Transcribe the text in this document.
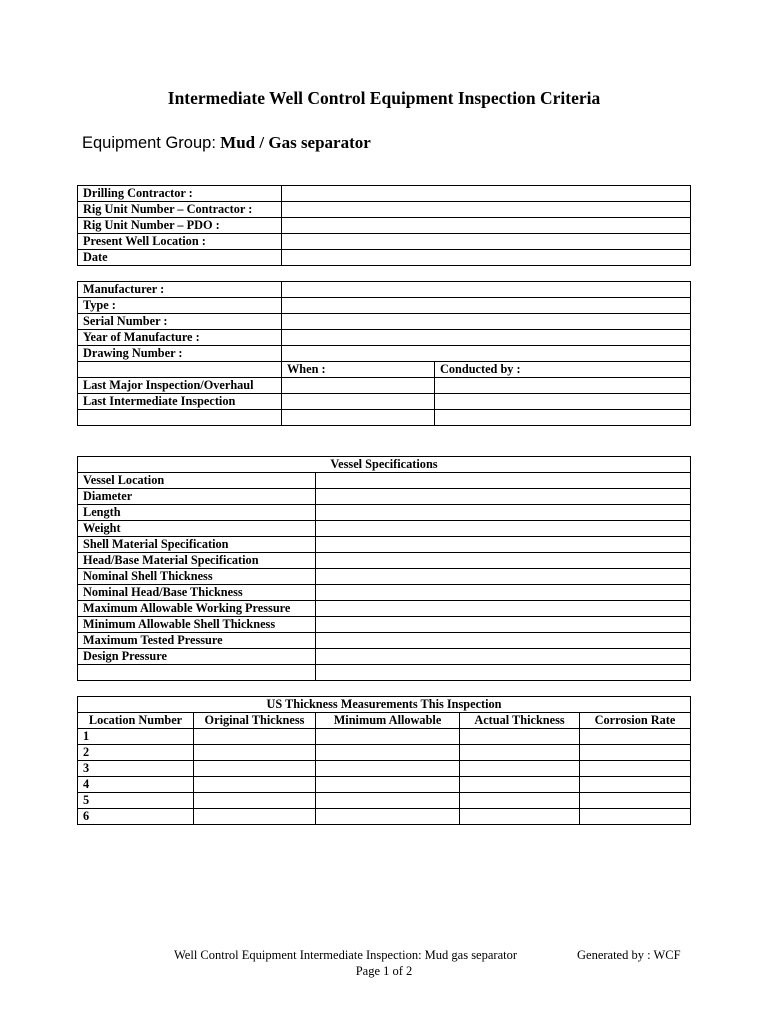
Intermediate Well Control Equipment Inspection Criteria
Equipment Group: Mud / Gas separator
Drilling Contractor :	
Rig Unit Number – Contractor :	
Rig Unit Number – PDO :	
Present Well Location :	
Date	
Manufacturer :		
Type :		
Serial Number :		
Year of Manufacture :		
Drawing Number :		
	When :	Conducted by :
Last Major Inspection/Overhaul		
Last Intermediate Inspection		

Vessel Specifications	
Vessel Location	
Diameter	
Length	
Weight	
Shell Material Specification	
Head/Base Material Specification	
Nominal Shell Thickness	
Nominal Head/Base Thickness	
Maximum Allowable Working Pressure	
Minimum Allowable Shell Thickness	
Maximum Tested Pressure	
Design Pressure	

US Thickness Measurements This Inspection				
Location Number	Original Thickness	Minimum Allowable	Actual Thickness	Corrosion Rate
1				
2				
3				
4				
5				
6				
Well Control Equipment Intermediate Inspection: Mud gas separator	Generated by : WCF
Page 1 of 2
